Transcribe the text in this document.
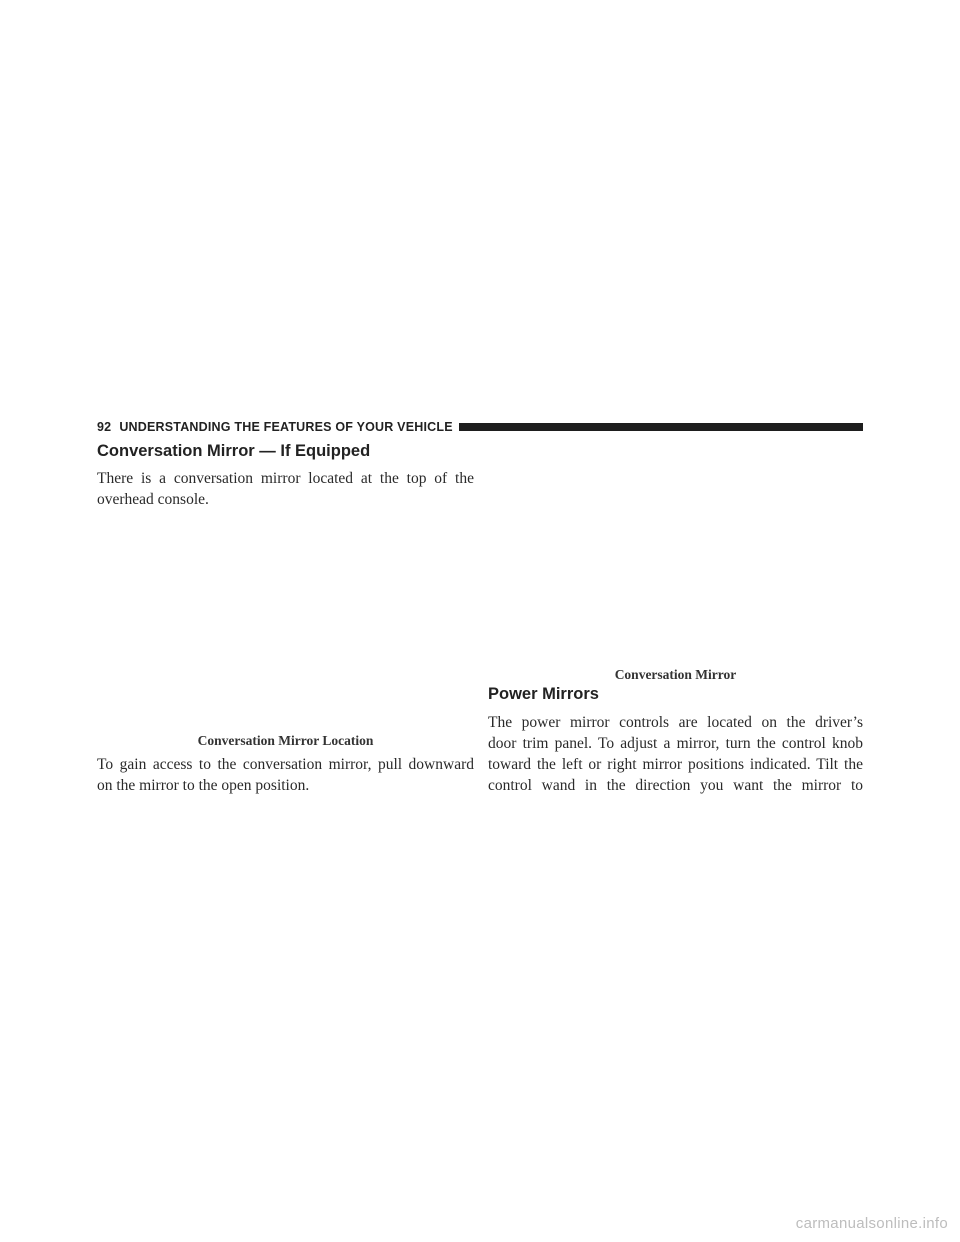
92 UNDERSTANDING THE FEATURES OF YOUR VEHICLE
Conversation Mirror — If Equipped

There is a conversation mirror located at the top of the
overhead console.

Conversation Mirror Location

To gain access to the conversation mirror, pull downward
on the mirror to the open position.

Conversation Mirror
Power Mirrors

The power mirror controls are located on the driver’s
door trim panel. To adjust a mirror, turn the control knob
toward the left or right mirror positions indicated. Tilt the
control wand in the direction you want the mirror to

carmanualsonline.info
